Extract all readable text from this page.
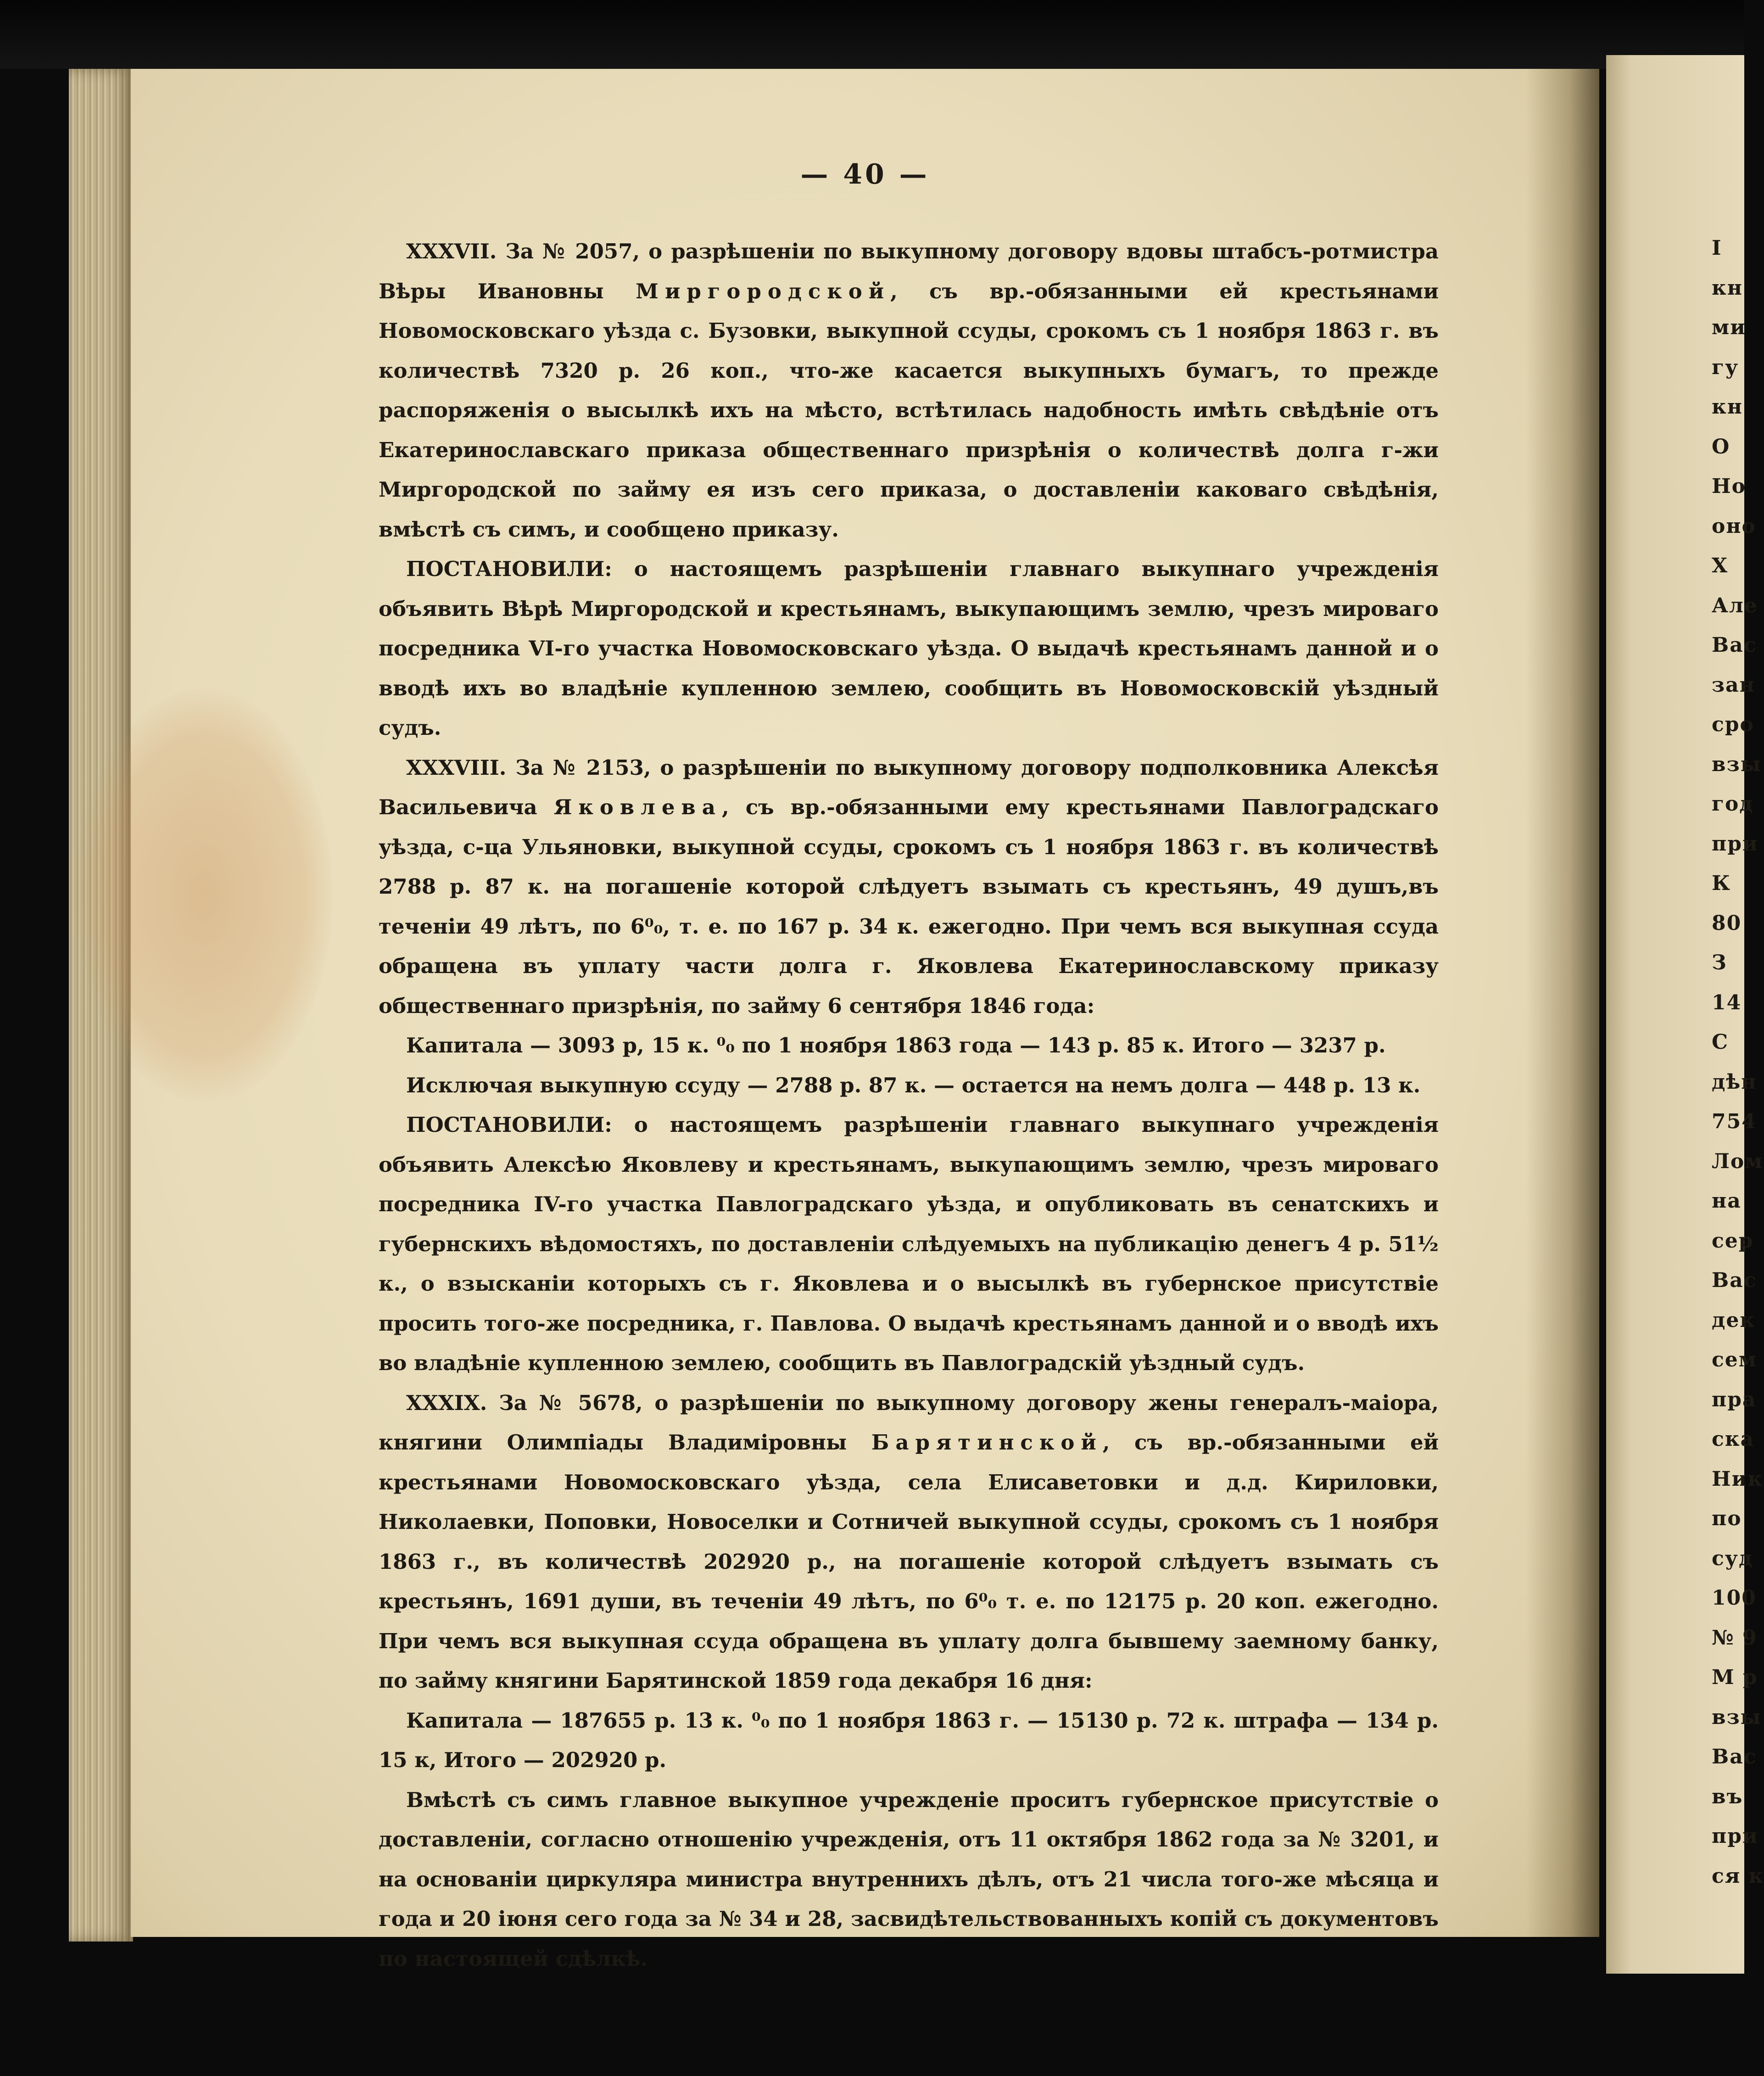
— 40 —

XXXVII. За № 2057, о разрѣшеніи по выкупному договору вдовы штабсъ-ротмистра Вѣры Ивановны Миргородской, съ вр.-обязанными ей крестьянами Новомосковскаго уѣзда с. Бузовки, выкупной ссуды, срокомъ съ 1 ноября 1863 г. въ количествѣ 7320 р. 26 коп., что-же касается выкупныхъ бумагъ, то прежде распоряженія о высылкѣ ихъ на мѣсто, встѣтилась надобность имѣть свѣдѣніе отъ Екатеринославскаго приказа общественнаго призрѣнія о количествѣ долга г-жи Миргородской по займу ея изъ сего приказа, о доставленіи каковаго свѣдѣнія, вмѣстѣ съ симъ, и сообщено приказу.

ПОСТАНОВИЛИ: о настоящемъ разрѣшеніи главнаго выкупнаго учрежденія объявить Вѣрѣ Миргородской и крестьянамъ, выкупающимъ землю, чрезъ мироваго посредника VI-го участка Новомосковскаго уѣзда. О выдачѣ крестьянамъ данной и о вводѣ ихъ во владѣніе купленною землею, сообщить въ Новомосковскій уѣздный судъ.

XXXVIII. За № 2153, о разрѣшеніи по выкупному договору подполковника Алексѣя Васильевича Яковлева, съ вр.-обязанными ему крестьянами Павлоградскаго уѣзда, с-ца Ульяновки, выкупной ссуды, срокомъ съ 1 ноября 1863 г. въ количествѣ 2788 р. 87 к. на погашеніе которой слѣдуетъ взымать съ крестьянъ, 49 душъ,въ теченіи 49 лѣтъ, по 6⁰₀, т. е. по 167 р. 34 к. ежегодно. При чемъ вся выкупная ссуда обращена въ уплату части долга г. Яковлева Екатеринославскому приказу общественнаго призрѣнія, по займу 6 сентября 1846 года:

Капитала — 3093 р, 15 к. ⁰₀ по 1 ноября 1863 года — 143 р. 85 к. Итого — 3237 р.

Исключая выкупную ссуду — 2788 р. 87 к. — остается на немъ долга — 448 р. 13 к.

ПОСТАНОВИЛИ: о настоящемъ разрѣшеніи главнаго выкупнаго учрежденія объявить Алексѣю Яковлеву и крестьянамъ, выкупающимъ землю, чрезъ мироваго посредника IV-го участка Павлоградскаго уѣзда, и опубликовать въ сенатскихъ и губернскихъ вѣдомостяхъ, по доставленіи слѣдуемыхъ на публикацію денегъ 4 р. 51½ к., о взысканіи которыхъ съ г. Яковлева и о высылкѣ въ губернское присутствіе просить того-же посредника, г. Павлова. О выдачѣ крестьянамъ данной и о вводѣ ихъ во владѣніе купленною землею, сообщить въ Павлоградскій уѣздный судъ.

XXXIX. За № 5678, о разрѣшеніи по выкупному договору жены генералъ-маіора, княгини Олимпіады Владиміровны Барятинской, съ вр.-обязанными ей крестьянами Новомосковскаго уѣзда, села Елисаветовки и д.д. Кириловки, Николаевки, Поповки, Новоселки и Сотничей выкупной ссуды, срокомъ съ 1 ноября 1863 г., въ количествѣ 202920 р., на погашеніе которой слѣдуетъ взымать съ крестьянъ, 1691 души, въ теченіи 49 лѣтъ, по 6⁰₀ т. е. по 12175 р. 20 коп. ежегодно. При чемъ вся выкупная ссуда обращена въ уплату долга бывшему заемному банку, по займу княгини Барятинской 1859 года декабря 16 дня:

Капитала — 187655 р. 13 к. ⁰₀ по 1 ноября 1863 г. — 15130 р. 72 к. штрафа — 134 р. 15 к, Итого — 202920 р.

Вмѣстѣ съ симъ главное выкупное учрежденіе проситъ губернское присутствіе о доставленіи, согласно отношенію учрежденія, отъ 11 октября 1862 года за № 3201, и на основаніи циркуляра министра внутреннихъ дѣлъ, отъ 21 числа того-же мѣсяца и года и 20 іюня сего года за № 34 и 28, засвидѣтельствованныхъ копій съ документовъ по настоящей сдѣлкѣ.

I
кн
ми
гу
кн
О
Но
оно
X
Але
Вас
зан
сро
взы
год
при
К
80
З
14
С
дѣн
754
Лом
на
сер
Вас
дек
сем
пра
ска
Ник
по
суд
100
№ 9
М р
взы
Вас
въ
при
ся к
